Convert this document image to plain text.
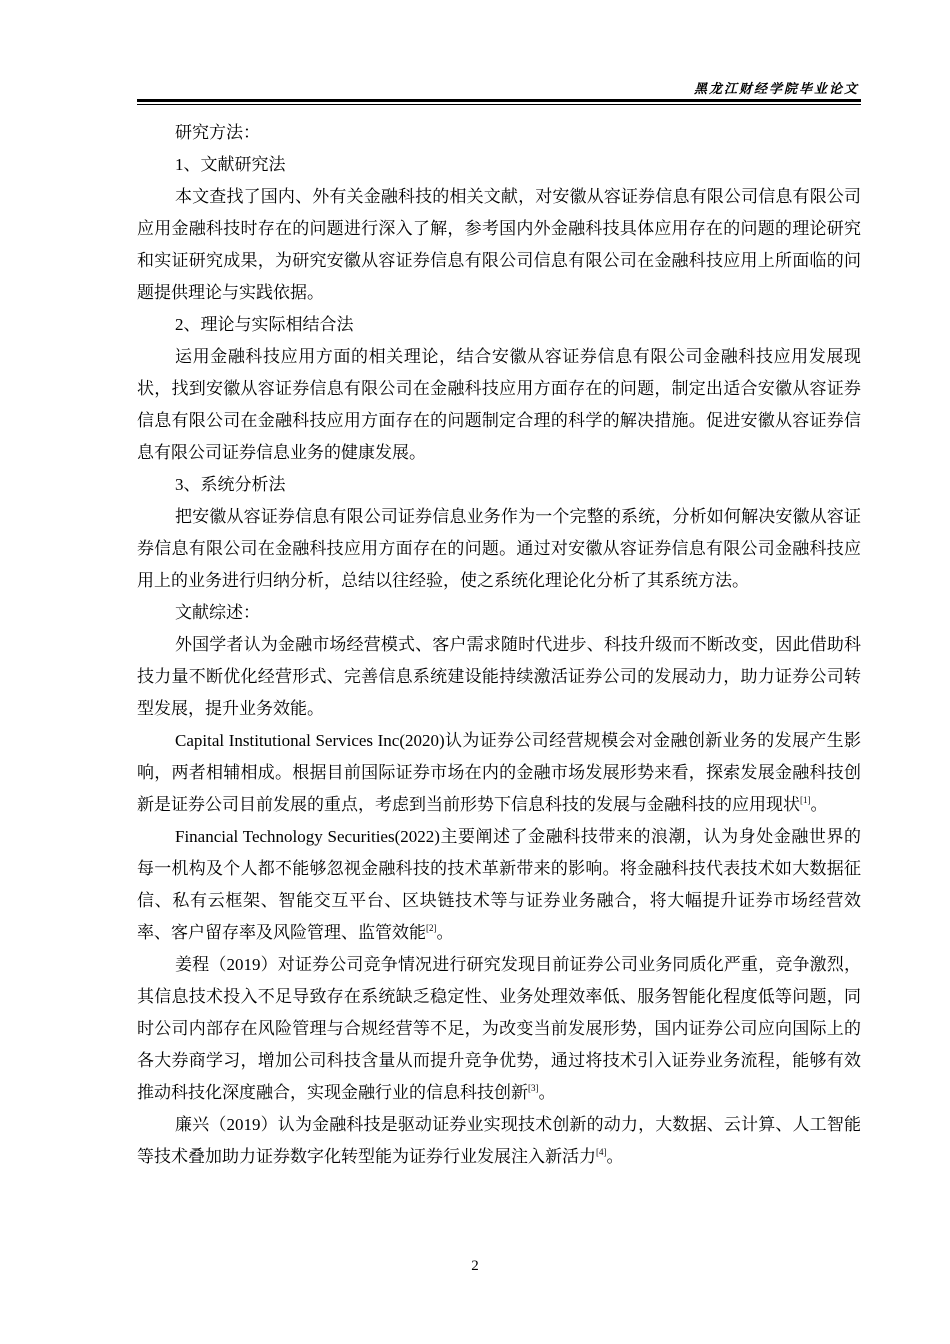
黑龙江财经学院毕业论文

研究方法：

1、文献研究法

本文查找了国内、外有关金融科技的相关文献，对安徽从容证券信息有限公司信息有限公司应用金融科技时存在的问题进行深入了解，参考国内外金融科技具体应用存在的问题的理论研究和实证研究成果，为研究安徽从容证券信息有限公司信息有限公司在金融科技应用上所面临的问题提供理论与实践依据。

2、理论与实际相结合法

运用金融科技应用方面的相关理论，结合安徽从容证券信息有限公司金融科技应用发展现状，找到安徽从容证券信息有限公司在金融科技应用方面存在的问题，制定出适合安徽从容证券信息有限公司在金融科技应用方面存在的问题制定合理的科学的解决措施。促进安徽从容证券信息有限公司证券信息业务的健康发展。

3、系统分析法

把安徽从容证券信息有限公司证券信息业务作为一个完整的系统，分析如何解决安徽从容证券信息有限公司在金融科技应用方面存在的问题。通过对安徽从容证券信息有限公司金融科技应用上的业务进行归纳分析，总结以往经验，使之系统化理论化分析了其系统方法。

文献综述：

外国学者认为金融市场经营模式、客户需求随时代进步、科技升级而不断改变，因此借助科技力量不断优化经营形式、完善信息系统建设能持续激活证券公司的发展动力，助力证券公司转型发展，提升业务效能。

Capital Institutional Services Inc(2020)认为证券公司经营规模会对金融创新业务的发展产生影响，两者相辅相成。根据目前国际证券市场在内的金融市场发展形势来看，探索发展金融科技创新是证券公司目前发展的重点，考虑到当前形势下信息科技的发展与金融科技的应用现状[1]。

Financial Technology Securities(2022)主要阐述了金融科技带来的浪潮，认为身处金融世界的每一机构及个人都不能够忽视金融科技的技术革新带来的影响。将金融科技代表技术如大数据征信、私有云框架、智能交互平台、区块链技术等与证券业务融合，将大幅提升证券市场经营效率、客户留存率及风险管理、监管效能[2]。

姜程（2019）对证券公司竞争情况进行研究发现目前证券公司业务同质化严重，竞争激烈，其信息技术投入不足导致存在系统缺乏稳定性、业务处理效率低、服务智能化程度低等问题，同时公司内部存在风险管理与合规经营等不足，为改变当前发展形势，国内证券公司应向国际上的各大券商学习，增加公司科技含量从而提升竞争优势，通过将技术引入证券业务流程，能够有效推动科技化深度融合，实现金融行业的信息科技创新[3]。

廉兴（2019）认为金融科技是驱动证券业实现技术创新的动力，大数据、云计算、人工智能等技术叠加助力证券数字化转型能为证券行业发展注入新活力[4]。

2
